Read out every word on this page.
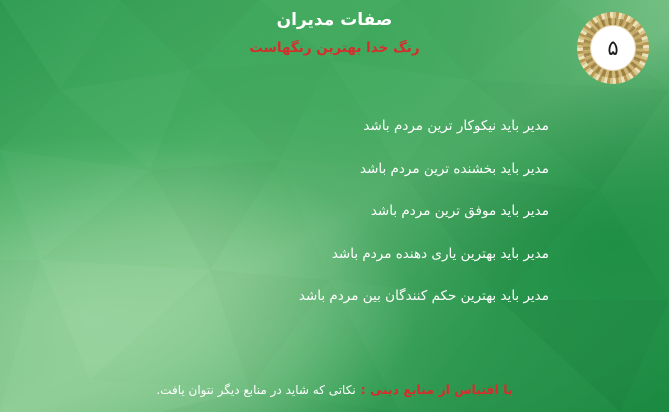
صفات مدیران
رنگ خدا بهترین رنگهاست	۵
مدیر باید نیکوکار ترین مردم باشد
مدیر باید بخشنده ترین مردم باشد
مدیر باید موفق ترین مردم باشد
مدیر باید بهترین یاری دهنده مردم باشد
مدیر باید بهترین حکم کنندگان بین مردم باشد
با اقتباس از منابع دینی : نکاتی که شاید در منابع دیگر نتوان یافت.
